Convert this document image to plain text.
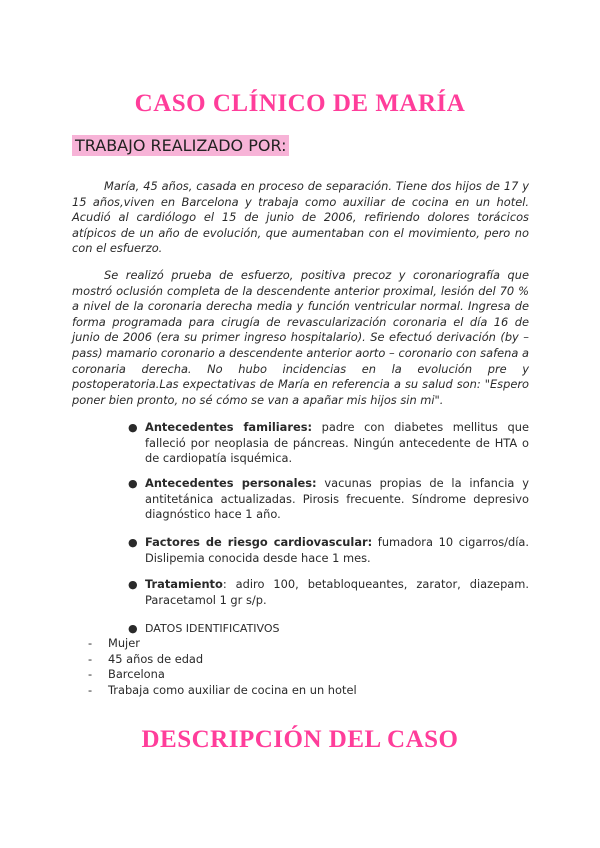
CASO CLÍNICO DE MARÍA
TRABAJO REALIZADO POR:

María, 45 años, casada en proceso de separación. Tiene dos hijos de 17 y 15 años,viven en Barcelona y trabaja como auxiliar de cocina en un hotel. Acudió al cardiólogo el 15 de junio de 2006, refiriendo dolores torácicos atípicos de un año de evolución, que aumentaban con el movimiento, pero no con el esfuerzo.

Se realizó prueba de esfuerzo, positiva precoz y coronariografía que mostró oclusión completa de la descendente anterior proximal, lesión del 70 % a nivel de la coronaria derecha media y función ventricular normal. Ingresa de forma programada para cirugía de revascularización coronaria el día 16 de junio de 2006 (era su primer ingreso hospitalario). Se efectuó derivación (by – pass) mamario coronario a descendente anterior aorto – coronario con safena a coronaria derecha. No hubo incidencias en la evolución pre y postoperatoria.Las expectativas de María en referencia a su salud son: "Espero poner bien pronto, no sé cómo se van a apañar mis hijos sin mi".

● Antecedentes familiares: padre con diabetes mellitus que falleció por neoplasia de páncreas. Ningún antecedente de HTA o de cardiopatía isquémica.

● Antecedentes personales: vacunas propias de la infancia y antitetánica actualizadas. Pirosis frecuente. Síndrome depresivo diagnóstico hace 1 año.

● Factores de riesgo cardiovascular: fumadora 10 cigarros/día. Dislipemia conocida desde hace 1 mes.

● Tratamiento: adiro 100, betabloqueantes, zarator, diazepam. Paracetamol 1 gr s/p.

● DATOS IDENTIFICATIVOS

- Mujer
- 45 años de edad
- Barcelona
- Trabaja como auxiliar de cocina en un hotel
DESCRIPCIÓN DEL CASO
